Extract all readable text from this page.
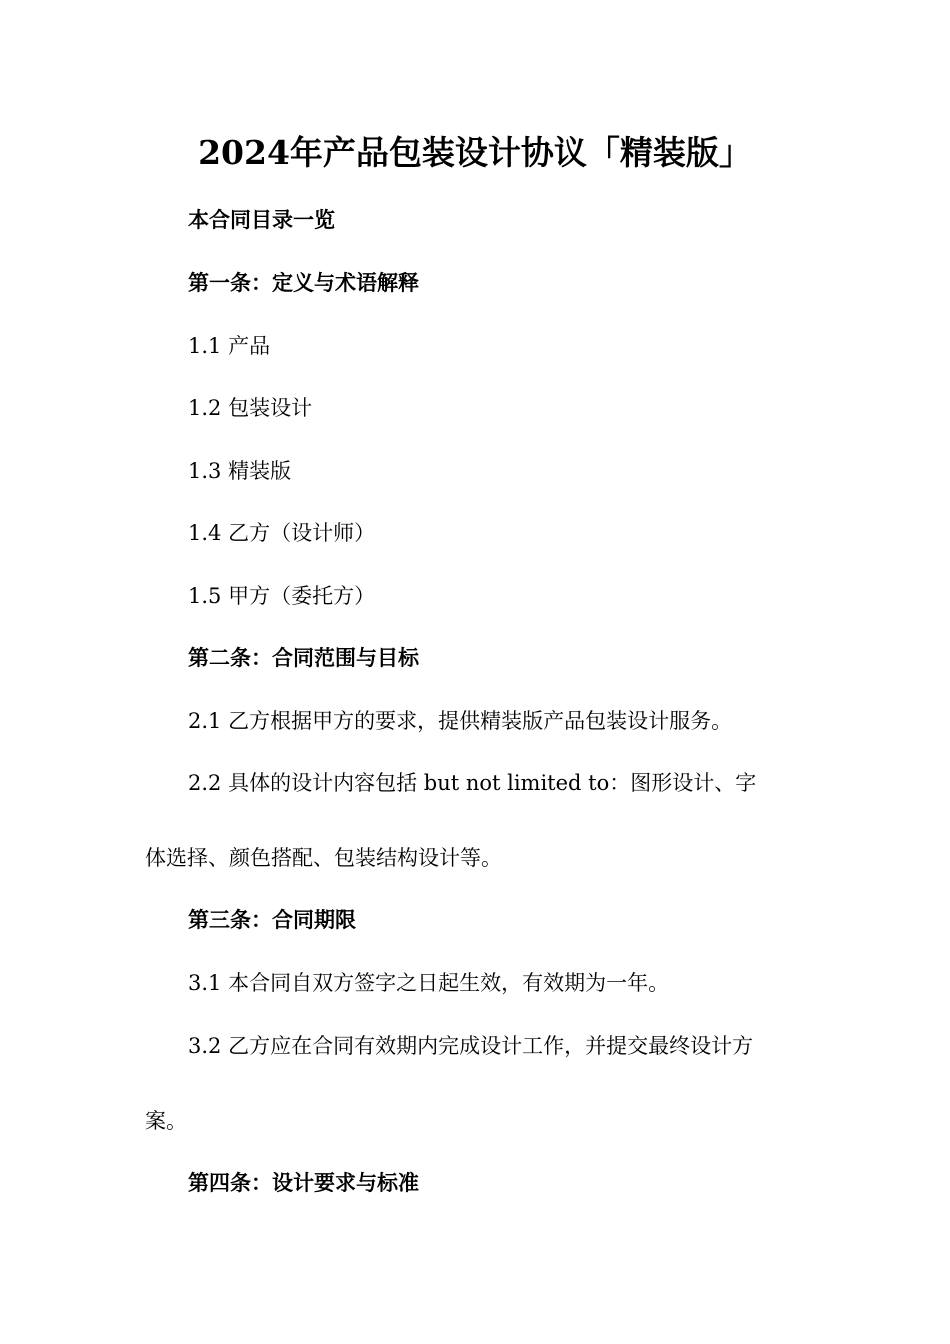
2024年产品包装设计协议「精装版」

本合同目录一览

第一条：定义与术语解释

1.1 产品

1.2 包装设计

1.3 精装版

1.4 乙方（设计师）

1.5 甲方（委托方）

第二条：合同范围与目标

2.1 乙方根据甲方的要求，提供精装版产品包装设计服务。

2.2 具体的设计内容包括 but not limited to：图形设计、字

体选择、颜色搭配、包装结构设计等。

第三条：合同期限

3.1 本合同自双方签字之日起生效，有效期为一年。

3.2 乙方应在合同有效期内完成设计工作，并提交最终设计方

案。

第四条：设计要求与标准
